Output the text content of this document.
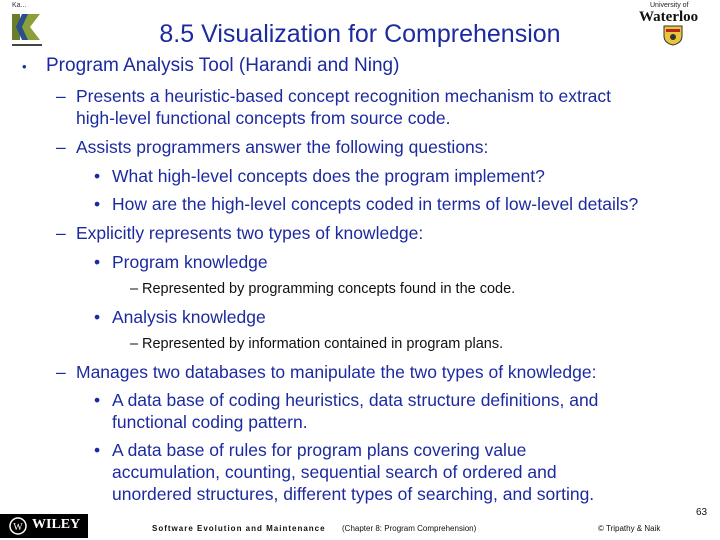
Ka...	University of
Waterloo
8.5 Visualization for Comprehension
• Program Analysis Tool (Harandi and Ning)
– Presents a heuristic-based concept recognition mechanism to extract
high-level functional concepts from source code.
– Assists programmers answer the following questions:
• What high-level concepts does the program implement?
• How are the high-level concepts coded in terms of low-level details?
– Explicitly represents two types of knowledge:
• Program knowledge
– Represented by programming concepts found in the code.
• Analysis knowledge
– Represented by information contained in program plans.
– Manages two databases to manipulate the two types of knowledge:
• A data base of coding heuristics, data structure definitions, and
functional coding pattern.
• A data base of rules for program plans covering value
accumulation, counting, sequential search of ordered and
unordered structures, different types of searching, and sorting.
W WILEY	Software Evolution and Maintenance (Chapter 8: Program Comprehension)	© Tripathy & Naik
63
